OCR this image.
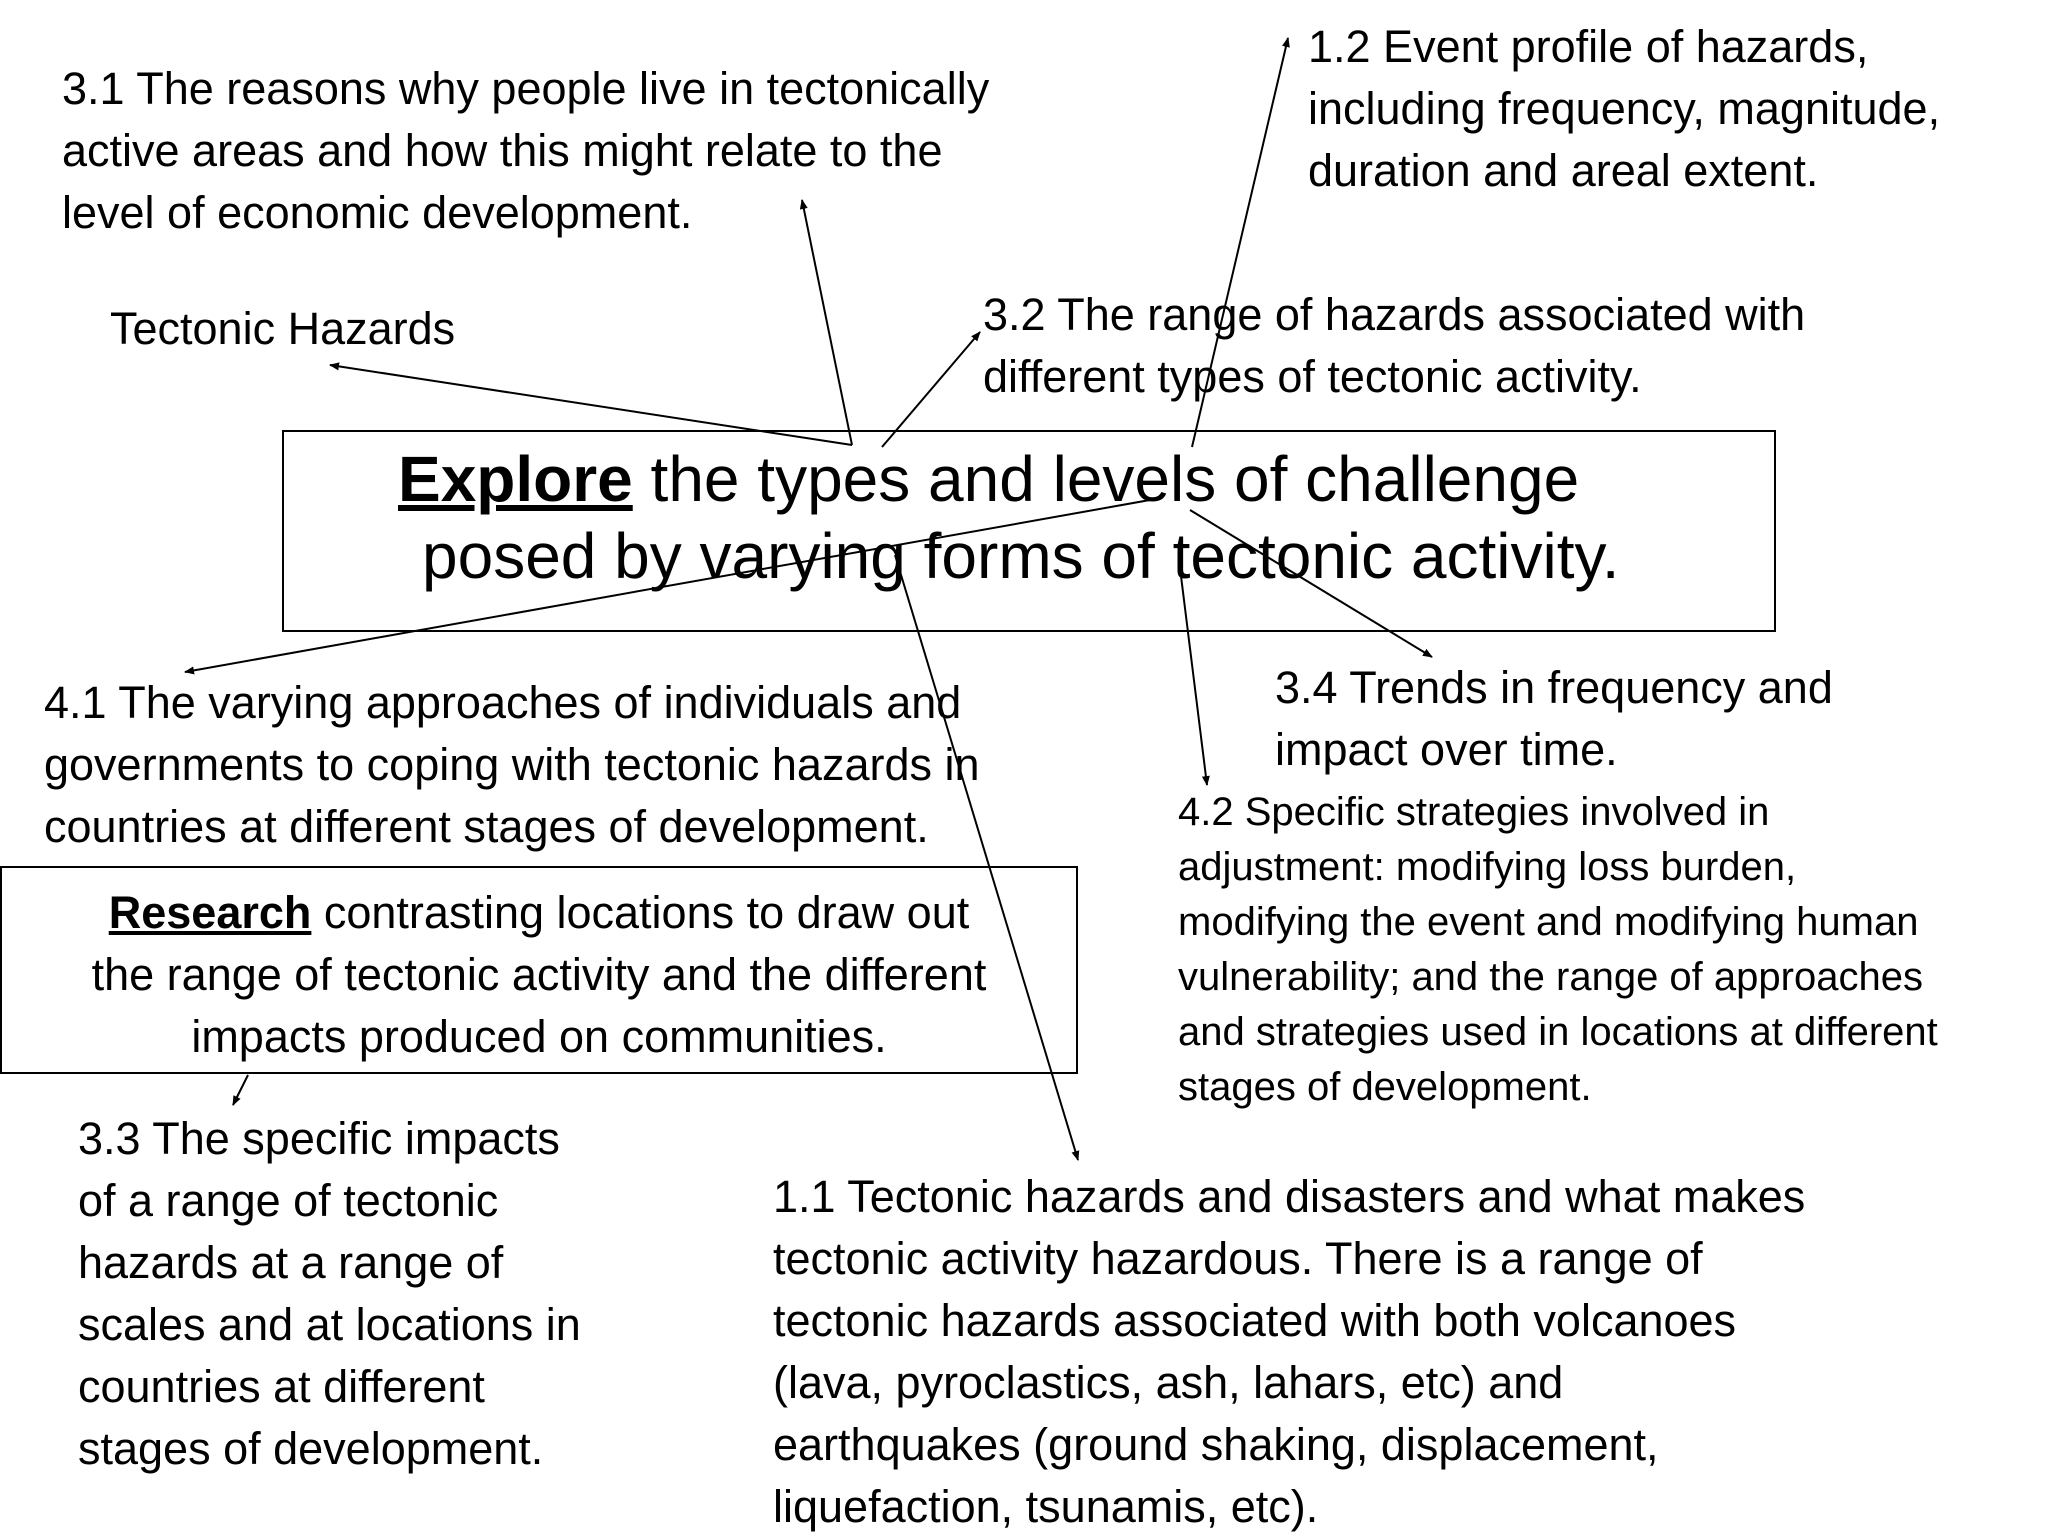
3.1 The reasons why people live in tectonically
active areas and how this might relate to the
level of economic development.
1.2 Event profile of hazards,
including frequency, magnitude,
duration and areal extent.
Tectonic Hazards	3.2 The range of hazards associated with
different types of tectonic activity.
Explore the types and levels of challenge
posed by varying forms of tectonic activity.
4.1 The varying approaches of individuals and
governments to coping with tectonic hazards in
countries at different stages of development.
3.4 Trends in frequency and
impact over time.
4.2 Specific strategies involved in
adjustment: modifying loss burden,
modifying the event and modifying human
vulnerability; and the range of approaches
and strategies used in locations at different
stages of development.
Research contrasting locations to draw out
the range of tectonic activity and the different
impacts produced on communities.
3.3 The specific impacts
of a range of tectonic
hazards at a range of
scales and at locations in
countries at different
stages of development.
1.1 Tectonic hazards and disasters and what makes
tectonic activity hazardous. There is a range of
tectonic hazards associated with both volcanoes
(lava, pyroclastics, ash, lahars, etc) and
earthquakes (ground shaking, displacement,
liquefaction, tsunamis, etc).
